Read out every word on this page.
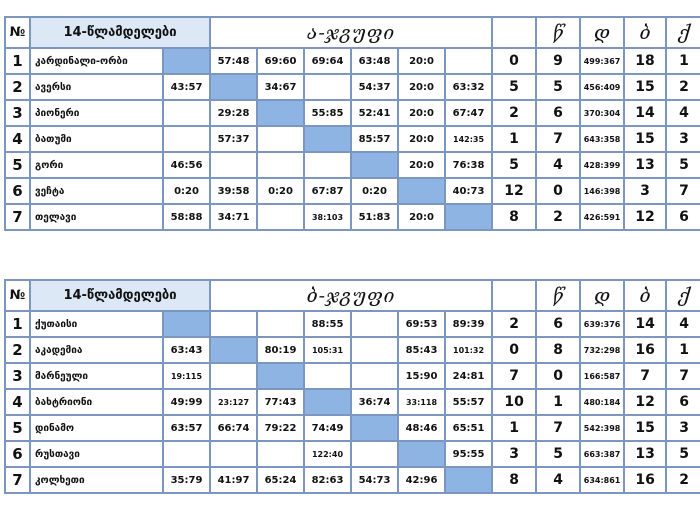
№	14-წლამდელები		ა-ჯგუფი							წ	დ	ბ	ქ	
1	კარდინალი-ორბი		57:48	69:60	69:64	63:48	20:0		0	9	499:367	18	1	
2	ავერსი	43:57		34:67		54:37	20:0	63:32	5	5	456:409	15	2	
3	პიონერი		29:28		55:85	52:41	20:0	67:47	2	6	370:304	14	4	
4	ბათუმი		57:37			85:57	20:0	142:35	1	7	643:358	15	3	
5	გორი	46:56					20:0	76:38	5	4	428:399	13	5	
6	ვეჩტა	0:20	39:58	0:20	67:87	0:20		40:73	12	0	146:398	3	7	
7	თელავი	58:88	34:71		38:103	51:83	20:0		8	2	426:591	12	6	
№	14-წლამდელები		ბ-ჯგუფი							წ	დ	ბ	ქ	
1	ქუთაისი				88:55		69:53	89:39	2	6	639:376	14	4	
2	აკადემია	63:43		80:19	105:31		85:43	101:32	0	8	732:298	16	1	
3	მარნეული	19:115					15:90	24:81	7	0	166:587	7	7	
4	ბახტრიონი	49:99	23:127	77:43		36:74	33:118	55:57	10	1	480:184	12	6	
5	დინამო	63:57	66:74	79:22	74:49		48:46	65:51	1	7	542:398	15	3	
6	რუსთავი				122:40			95:55	3	5	663:387	13	5	
7	კოლხეთი	35:79	41:97	65:24	82:63	54:73	42:96		8	4	634:861	16	2	
